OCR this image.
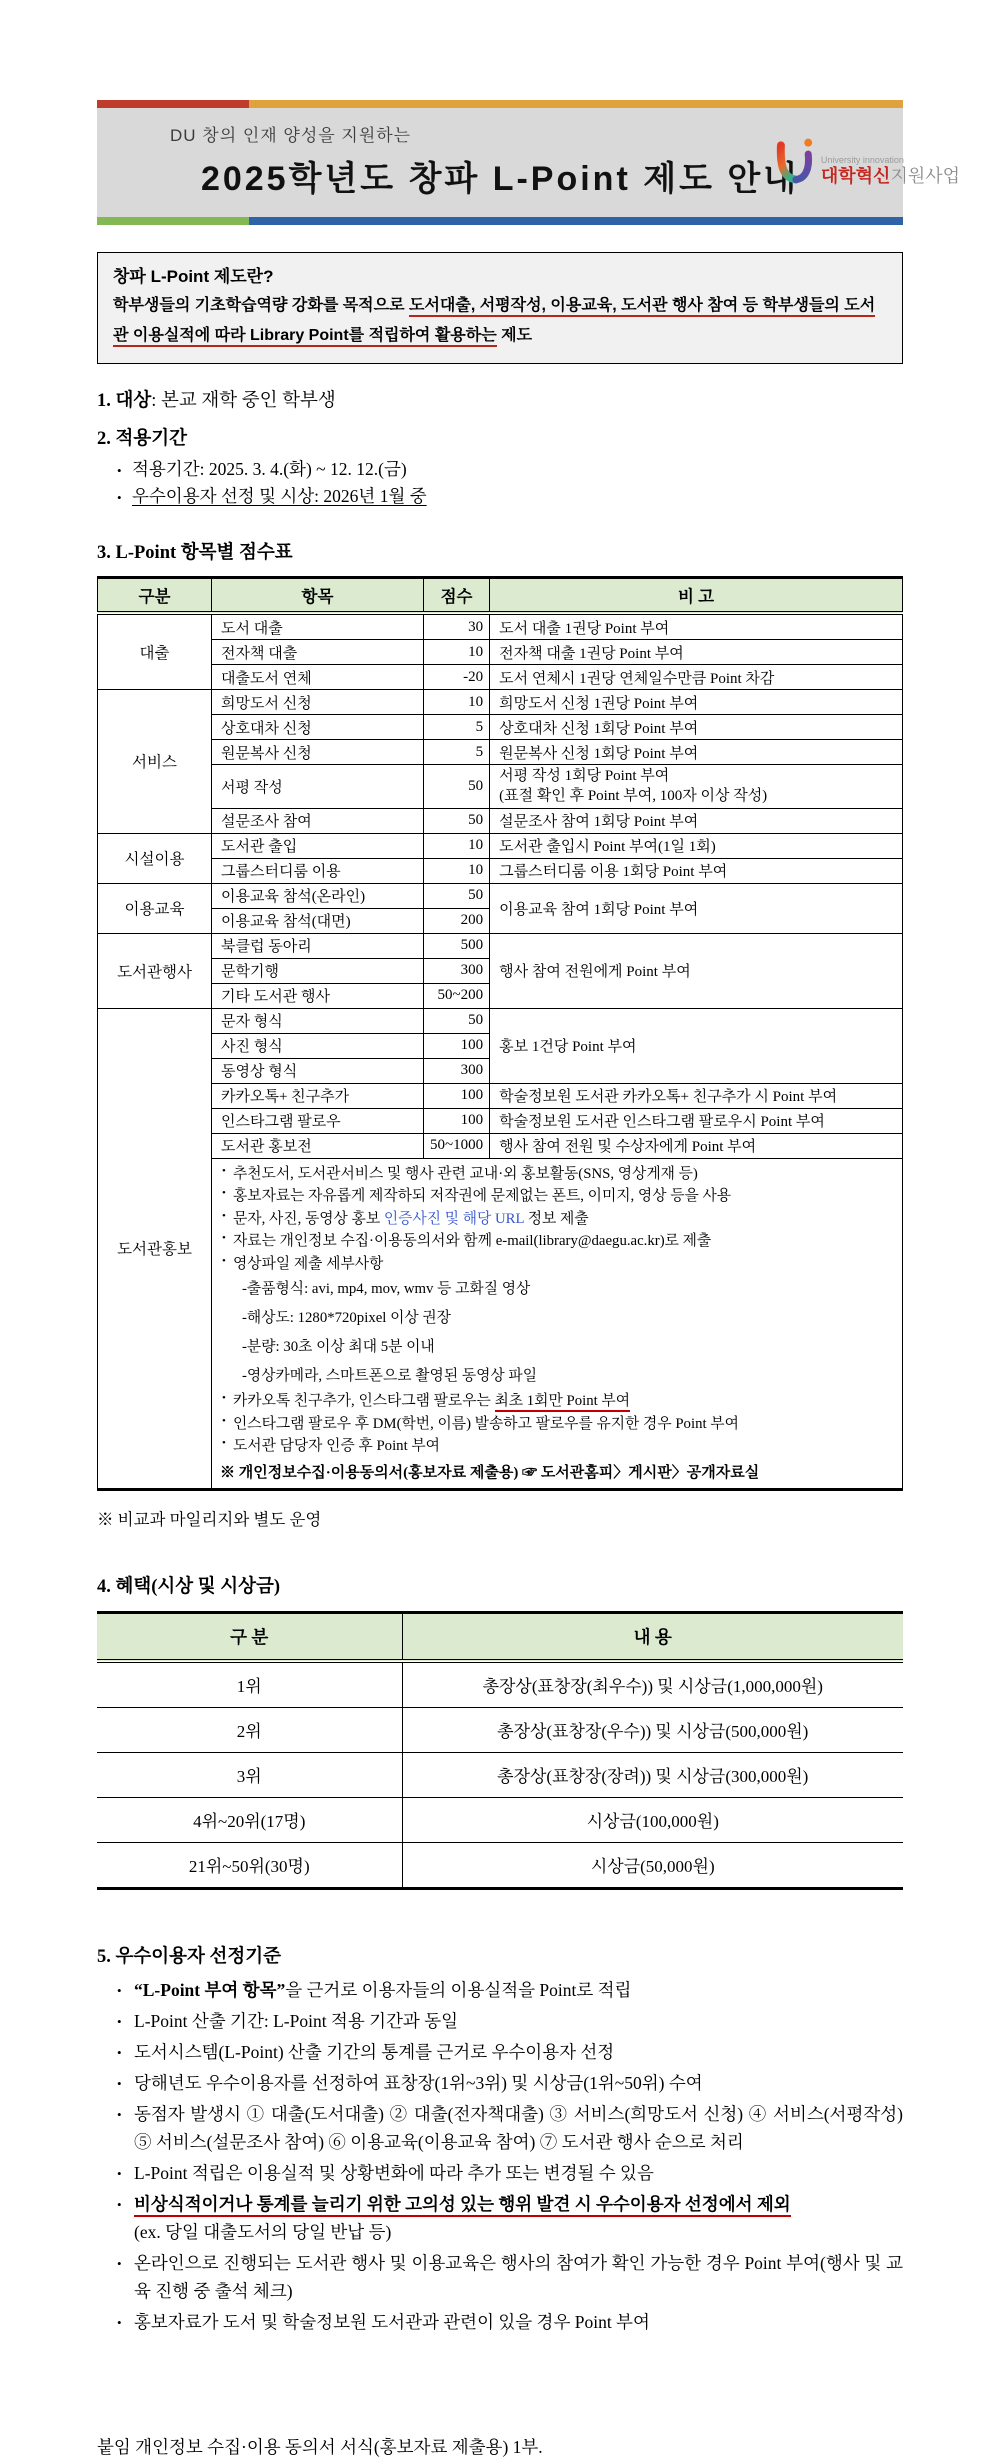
University innovation
대학혁신지원사업
DU 창의 인재 양성을 지원하는
2025학년도 창파 L-Point 제도 안내
창파 L-Point 제도란?
학부생들의 기초학습역량 강화를 목적으로 도서대출, 서평작성, 이용교육, 도서관 행사 참여 등 학부생들의 도서관 이용실적에 따라 Library Point를 적립하여 활용하는 제도
1. 대상: 본교 재학 중인 학부생
2. 적용기간
• 적용기간: 2025. 3. 4.(화) ~ 12. 12.(금)
• 우수이용자 선정 및 시상: 2026년 1월 중
3. L-Point 항목별 점수표
구분	항목	점수	비 고
대출	도서 대출	30	도서 대출 1권당 Point 부여
	전자책 대출	10	전자책 대출 1권당 Point 부여
	대출도서 연체	-20	도서 연체시 1권당 연체일수만큼 Point 차감
서비스	희망도서 신청	10	희망도서 신청 1권당 Point 부여
	상호대차 신청	5	상호대차 신청 1회당 Point 부여
	원문복사 신청	5	원문복사 신청 1회당 Point 부여
	서평 작성	50	서평 작성 1회당 Point 부여
(표절 확인 후 Point 부여, 100자 이상 작성)

	설문조사 참여	50	설문조사 참여 1회당 Point 부여
시설이용	도서관 출입	10	도서관 출입시 Point 부여(1일 1회)
	그룹스터디룸 이용	10	그룹스터디룸 이용 1회당 Point 부여
이용교육	이용교육 참석(온라인)	50	이용교육 참여 1회당 Point 부여
	이용교육 참석(대면)	200	
도서관행사	북클럽 동아리	500	행사 참여 전원에게 Point 부여
	문학기행	300	
	기타 도서관 행사	50~200	
도서관홍보	문자 형식	50	홍보 1건당 Point 부여
	사진 형식	100	
	동영상 형식	300	
	카카오톡+ 친구추가	100	학술정보원 도서관 카카오톡+ 친구추가 시 Point 부여
	인스타그램 팔로우	100	학술정보원 도서관 인스타그램 팔로우시 Point 부여
	도서관 홍보전	50~1000	행사 참여 전원 및 수상자에게 Point 부여

• 추천도서, 도서관서비스 및 행사 관련 교내·외 홍보활동(SNS, 영상게재 등)
• 홍보자료는 자유롭게 제작하되 저작권에 문제없는 폰트, 이미지, 영상 등을 사용
• 문자, 사진, 동영상 홍보 인증사진 및 해당 URL 정보 제출
• 자료는 개인정보 수집·이용동의서와 함께 e-mail(library@daegu.ac.kr)로 제출
• 영상파일 제출 세부사항
-출품형식: avi, mp4, mov, wmv 등 고화질 영상
-해상도: 1280*720pixel 이상 권장
-분량: 30초 이상 최대 5분 이내
-영상카메라, 스마트폰으로 촬영된 동영상 파일
• 카카오톡 친구추가, 인스타그램 팔로우는 최초 1회만 Point 부여
• 인스타그램 팔로우 후 DM(학번, 이름) 발송하고 팔로우를 유지한 경우 Point 부여
• 도서관 담당자 인증 후 Point 부여
※ 개인정보수집·이용동의서(홍보자료 제출용) ☞ 도서관홈피〉게시판〉공개자료실
※ 비교과 마일리지와 별도 운영
4. 혜택(시상 및 시상금)
구 분	내 용
1위	총장상(표창장(최우수)) 및 시상금(1,000,000원)
2위	총장상(표창장(우수)) 및 시상금(500,000원)
3위	총장상(표창장(장려)) 및 시상금(300,000원)
4위~20위(17명)	시상금(100,000원)
21위~50위(30명)	시상금(50,000원)
5. 우수이용자 선정기준
• “L-Point 부여 항목”을 근거로 이용자들의 이용실적을 Point로 적립
• L-Point 산출 기간: L-Point 적용 기간과 동일
• 도서시스템(L-Point) 산출 기간의 통계를 근거로 우수이용자 선정
• 당해년도 우수이용자를 선정하여 표창장(1위~3위) 및 시상금(1위~50위) 수여
• 동점자 발생시 ① 대출(도서대출) ② 대출(전자책대출) ③ 서비스(희망도서 신청) ④ 서비스(서평작성) ⑤ 서비스(설문조사 참여) ⑥ 이용교육(이용교육 참여) ⑦ 도서관 행사 순으로 처리
• L-Point 적립은 이용실적 및 상황변화에 따라 추가 또는 변경될 수 있음
• 비상식적이거나 통계를 늘리기 위한 고의성 있는 행위 발견 시 우수이용자 선정에서 제외
(ex. 당일 대출도서의 당일 반납 등)
• 온라인으로 진행되는 도서관 행사 및 이용교육은 행사의 참여가 확인 가능한 경우 Point 부여(행사 및 교육 진행 중 출석 체크)
• 홍보자료가 도서 및 학술정보원 도서관과 관련이 있을 경우 Point 부여
붙임 개인정보 수집·이용 동의서 서식(홍보자료 제출용) 1부.
